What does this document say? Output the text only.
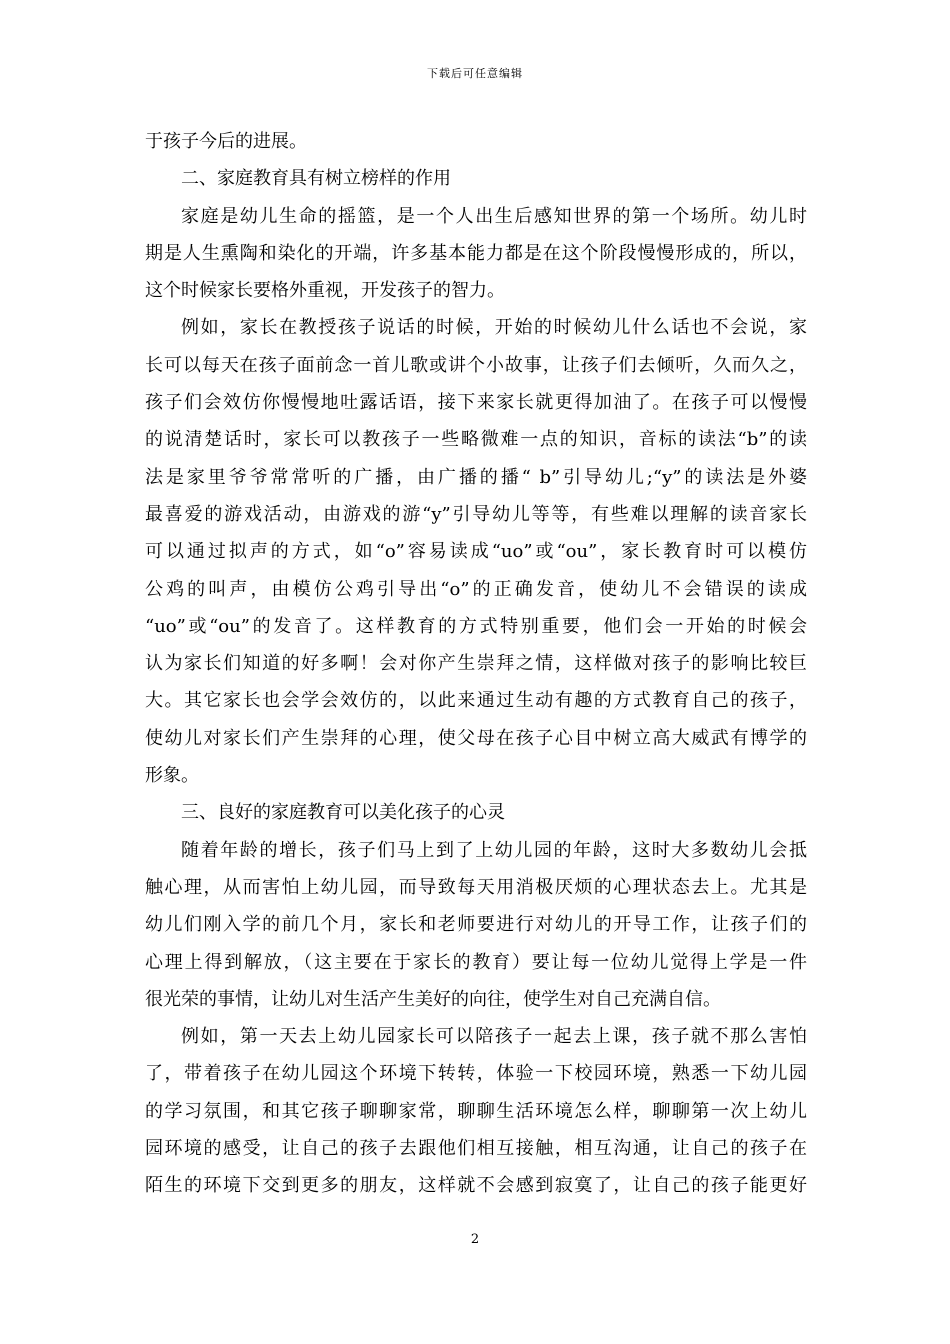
下载后可任意编辑
于孩子今后的进展。
二、家庭教育具有树立榜样的作用
家庭是幼儿生命的摇篮，是一个人出生后感知世界的第一个场所。幼儿时
期是人生熏陶和染化的开端，许多基本能力都是在这个阶段慢慢形成的，所以，
这个时候家长要格外重视，开发孩子的智力。
例如，家长在教授孩子说话的时候，开始的时候幼儿什么话也不会说，家
长可以每天在孩子面前念一首儿歌或讲个小故事，让孩子们去倾听，久而久之，
孩子们会效仿你慢慢地吐露话语，接下来家长就更得加油了。在孩子可以慢慢
的说清楚话时，家长可以教孩子一些略微难一点的知识，音标的读法“b”的读
法是家里爷爷常常听的广播，由广播的播“ b”引导幼儿;“y”的读法是外婆
最喜爱的游戏活动，由游戏的游“y”引导幼儿等等，有些难以理解的读音家长
可以通过拟声的方式，如“o”容易读成“uo”或“ou”，家长教育时可以模仿
公鸡的叫声，由模仿公鸡引导出“o”的正确发音，使幼儿不会错误的读成
“uo”或“ou”的发音了。这样教育的方式特别重要，他们会一开始的时候会
认为家长们知道的好多啊！会对你产生崇拜之情，这样做对孩子的影响比较巨
大。其它家长也会学会效仿的，以此来通过生动有趣的方式教育自己的孩子，
使幼儿对家长们产生崇拜的心理，使父母在孩子心目中树立高大威武有博学的
形象。
三、良好的家庭教育可以美化孩子的心灵
随着年龄的增长，孩子们马上到了上幼儿园的年龄，这时大多数幼儿会抵
触心理，从而害怕上幼儿园，而导致每天用消极厌烦的心理状态去上。尤其是
幼儿们刚入学的前几个月，家长和老师要进行对幼儿的开导工作，让孩子们的
心理上得到解放，（这主要在于家长的教育）要让每一位幼儿觉得上学是一件
很光荣的事情，让幼儿对生活产生美好的向往，使学生对自己充满自信。
例如，第一天去上幼儿园家长可以陪孩子一起去上课，孩子就不那么害怕
了，带着孩子在幼儿园这个环境下转转，体验一下校园环境，熟悉一下幼儿园
的学习氛围，和其它孩子聊聊家常，聊聊生活环境怎么样，聊聊第一次上幼儿
园环境的感受，让自己的孩子去跟他们相互接触，相互沟通，让自己的孩子在
陌生的环境下交到更多的朋友，这样就不会感到寂寞了，让自己的孩子能更好
2
